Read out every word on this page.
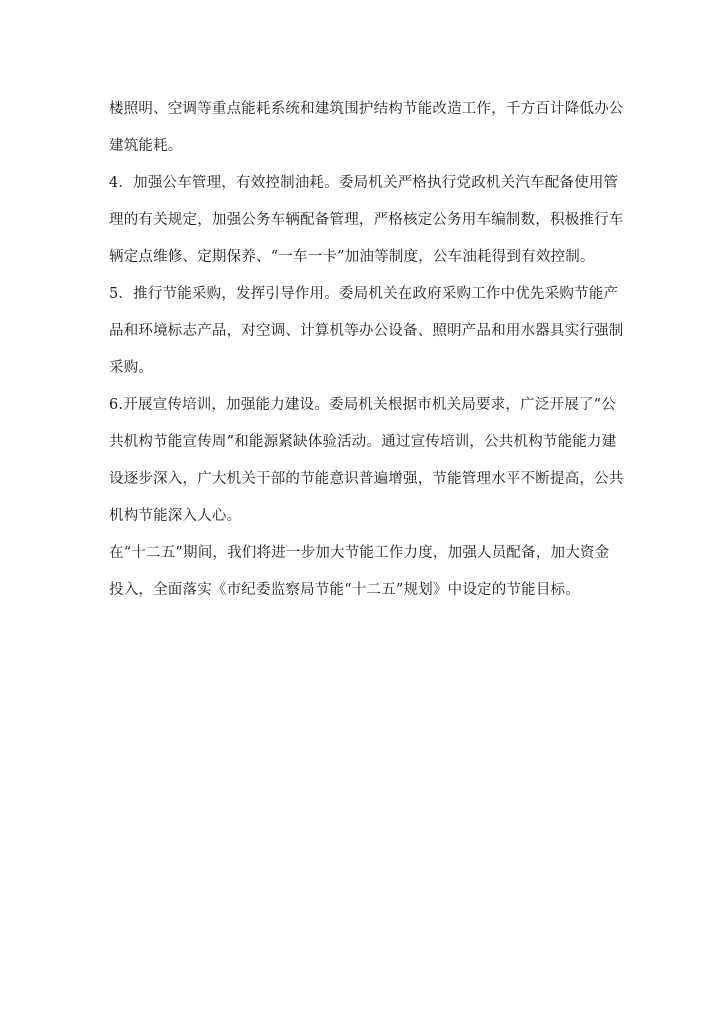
楼照明、空调等重点能耗系统和建筑围护结构节能改造工作，千方百计降低办公
建筑能耗。
4．加强公车管理，有效控制油耗。委局机关严格执行党政机关汽车配备使用管
理的有关规定，加强公务车辆配备管理，严格核定公务用车编制数，积极推行车
辆定点维修、定期保养、“一车一卡”加油等制度，公车油耗得到有效控制。
5．推行节能采购，发挥引导作用。委局机关在政府采购工作中优先采购节能产
品和环境标志产品，对空调、计算机等办公设备、照明产品和用水器具实行强制
采购。
6.开展宣传培训，加强能力建设。委局机关根据市机关局要求，广泛开展了“公
共机构节能宣传周”和能源紧缺体验活动。通过宣传培训，公共机构节能能力建
设逐步深入，广大机关干部的节能意识普遍增强，节能管理水平不断提高，公共
机构节能深入人心。
在“十二五”期间，我们将进一步加大节能工作力度，加强人员配备，加大资金
投入，全面落实《市纪委监察局节能“十二五”规划》中设定的节能目标。
